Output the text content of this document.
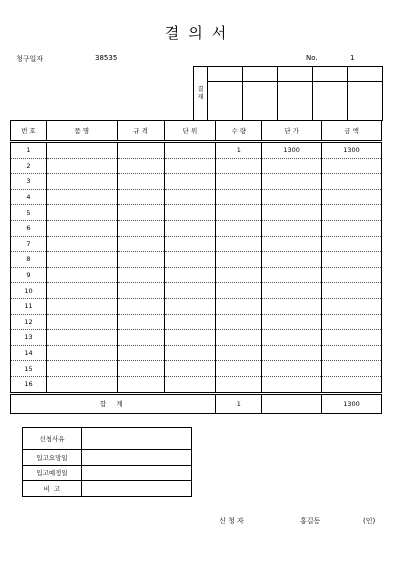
결의서
청구일자	38535	No.	1
결재					

번 호	품 명	규 격	단 위	수 량	단 가	금 액
1				1	1300	1300
2						
3						
4						
5						
6						
7						
8						
9						
10						
11						
12						
13						
14						
15						
16						
합 계				1		1300
신청사유	
입고요망일	
입고예정일	
비  고	
신 청 자	홍길동	(인)
